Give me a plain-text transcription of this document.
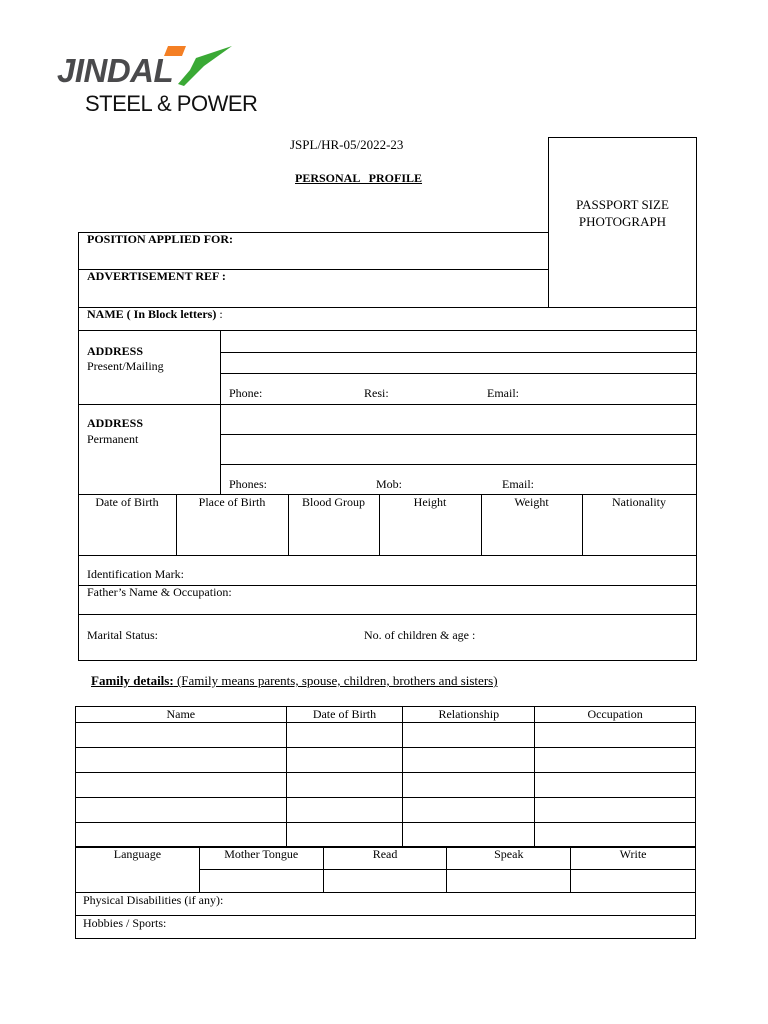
JINDAL
STEEL & POWER
JSPL/HR-05/2022-23
PERSONAL   PROFILE
PASSPORT SIZE
PHOTOGRAPH
POSITION APPLIED FOR:
ADVERTISEMENT REF :
NAME ( In Block letters) :
ADDRESS
Present/Mailing
Phone:	Resi:	Email:
ADDRESS
Permanent
Phones:	Mob:	Email:
Date of Birth	Place of Birth	Blood Group	Height	Weight	Nationality
Identification Mark:
Father’s Name & Occupation:
Marital Status:	No. of children & age :
Family details: (Family means parents, spouse, children, brothers and sisters)
Name	Date of Birth	Relationship	Occupation

Language	Mother Tongue	Read	Speak	Write

Physical Disabilities (if any):				
Hobbies / Sports:				
